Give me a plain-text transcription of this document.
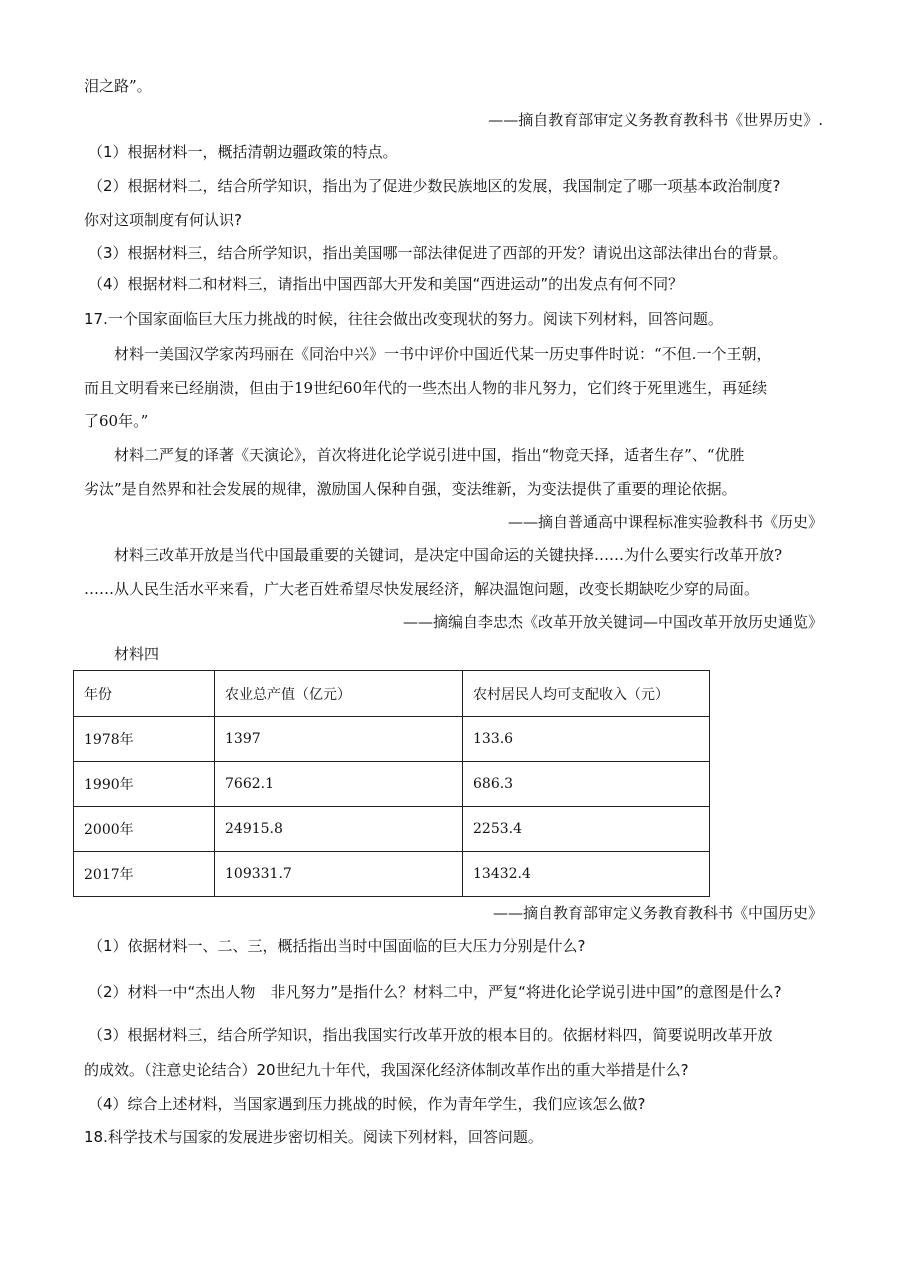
泪之路”。
——摘自教育部审定义务教育教科书《世界历史》.
（1）根据材料一，概括清朝边疆政策的特点。
（2）根据材料二，结合所学知识，指出为了促进少数民族地区的发展，我国制定了哪一项基本政治制度?
你对这项制度有何认识?
（3）根据材料三，结合所学知识，指出美国哪一部法律促进了西部的开发？请说出这部法律出台的背景。
（4）根据材料二和材料三，请指出中国西部大开发和美国“西进运动”的出发点有何不同？
17.一个国家面临巨大压力挑战的时候，往往会做出改变现状的努力。阅读下列材料，回答问题。
材料一美国汉学家芮玛丽在《同治中兴》一书中评价中国近代某一历史事件时说：“不但.一个王朝，
而且文明看来已经崩溃，但由于19世纪60年代的一些杰出人物的非凡努力，它们终于死里逃生，再延续
了60年。”
材料二严复的译著《天演论》，首次将进化论学说引进中国，指出“物竞天择，适者生存”、“优胜
劣汰”是自然界和社会发展的规律，激励国人保种自强，变法维新，为变法提供了重要的理论依据。
——摘自普通高中课程标准实验教科书《历史》
材料三改革开放是当代中国最重要的关键词，是决定中国命运的关键抉择……为什么要实行改革开放?
……从人民生活水平来看，广大老百姓希望尽快发展经济，解决温饱问题，改变长期缺吃少穿的局面。
——摘编自李忠杰《改革开放关键词—中国改革开放历史通览》
材料四
年份	农业总产值（亿元）	农村居民人均可支配收入（元）
1978年	1397	133.6
1990年	7662.1	686.3
2000年	24915.8	2253.4
2017年	109331.7	13432.4
——摘自教育部审定义务教育教科书《中国历史》
（1）依据材料一、二、三，概括指出当时中国面临的巨大压力分别是什么?
（2）材料一中“杰出人物　非凡努力”是指什么？材料二中，严复“将进化论学说引进中国”的意图是什么?
（3）根据材料三，结合所学知识，指出我国实行改革开放的根本目的。依据材料四，简要说明改革开放
的成效。（注意史论结合）20世纪九十年代，我国深化经济体制改革作出的重大举措是什么?
（4）综合上述材料，当国家遇到压力挑战的时候，作为青年学生，我们应该怎么做?
18.科学技术与国家的发展进步密切相关。阅读下列材料，回答问题。
